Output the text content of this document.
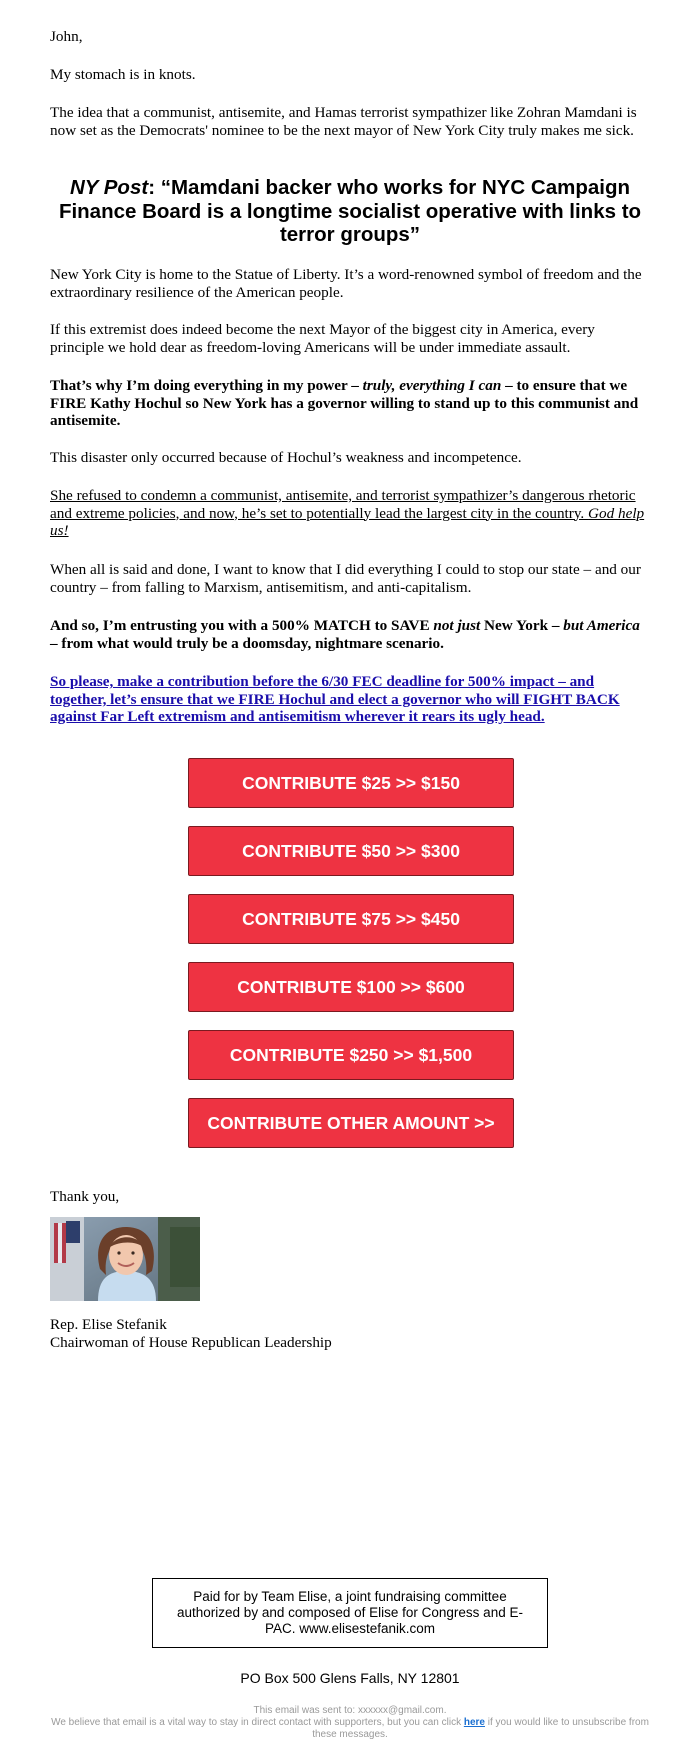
John,

My stomach is in knots.

The idea that a communist, antisemite, and Hamas terrorist sympathizer like Zohran Mamdani is now set as the Democrats' nominee to be the next mayor of New York City truly makes me sick.

NY Post: “Mamdani backer who works for NYC Campaign Finance Board is a longtime socialist operative with links to terror groups”

New York City is home to the Statue of Liberty. It’s a word-renowned symbol of freedom and the extraordinary resilience of the American people.

If this extremist does indeed become the next Mayor of the biggest city in America, every principle we hold dear as freedom-loving Americans will be under immediate assault.

That’s why I’m doing everything in my power – truly, everything I can – to ensure that we FIRE Kathy Hochul so New York has a governor willing to stand up to this communist and antisemite.

This disaster only occurred because of Hochul’s weakness and incompetence.

She refused to condemn a communist, antisemite, and terrorist sympathizer’s dangerous rhetoric and extreme policies, and now, he’s set to potentially lead the largest city in the country. God help us!

When all is said and done, I want to know that I did everything I could to stop our state – and our country – from falling to Marxism, antisemitism, and anti-capitalism.

And so, I’m entrusting you with a 500% MATCH to SAVE not just New York – but America – from what would truly be a doomsday, nightmare scenario.

So please, make a contribution before the 6/30 FEC deadline for 500% impact – and together, let’s ensure that we FIRE Hochul and elect a governor who will FIGHT BACK against Far Left extremism and antisemitism wherever it rears its ugly head.

CONTRIBUTE $25 >> $150
CONTRIBUTE $50 >> $300
CONTRIBUTE $75 >> $450
CONTRIBUTE $100 >> $600
CONTRIBUTE $250 >> $1,500
CONTRIBUTE OTHER AMOUNT >>

Thank you,

Rep. Elise Stefanik

Chairwoman of House Republican Leadership

Paid for by Team Elise, a joint fundraising committee authorized by and composed of Elise for Congress and E-PAC. www.elisestefanik.com
PO Box 500 Glens Falls, NY 12801
This email was sent to: xxxxxx@gmail.com.
We believe that email is a vital way to stay in direct contact with supporters, but you can click here if you would like to unsubscribe from these messages.
